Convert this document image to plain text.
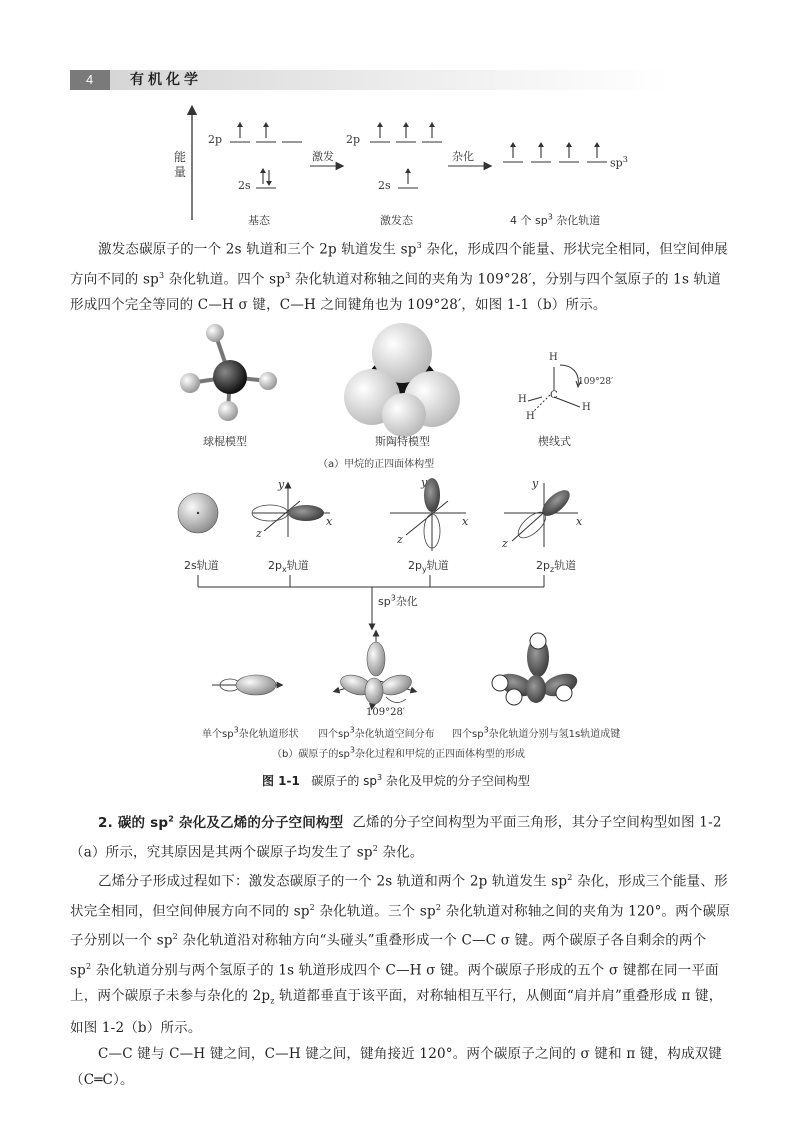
4	有机化学
能量
2p
2s
基态
激发
2p
2s
激发态
杂化
$sp^3$
4 个 $sp^3$ 杂化轨道

激发态碳原子的一个 2s 轨道和三个 2p 轨道发生 $sp^3$ 杂化，形成四个能量、形状完全相同，但空间伸展方向不同的 $sp^3$ 杂化轨道。四个 $sp^3$ 杂化轨道对称轴之间的夹角为 109°28′，分别与四个氢原子的 1s 轨道形成四个完全等同的 C—H σ 键，C—H 之间键角也为 109°28′，如图 1-1（b）所示。

球棍模型	斯陶特模型	楔线式
109°28′
H
C
H
H
H
（a）甲烷的正四面体构型
y
x
z
y
x
z
y
x
z
2s轨道	$2p_x$轨道	$2p_y$轨道	$2p_z$轨道
$sp^3$杂化
109°28′
单个$sp^3$杂化轨道形状 四个$sp^3$杂化轨道空间分布 四个$sp^3$杂化轨道分别与氢1s轨道成键
（b）碳原子的$sp^3$杂化过程和甲烷的正四面体构型的形成
图 1-1 碳原子的 $sp^3$ 杂化及甲烷的分子空间构型

2. 碳的 $sp^2$ 杂化及乙烯的分子空间构型 乙烯的分子空间构型为平面三角形，其分子空间构型如图 1-2（a）所示，究其原因是其两个碳原子均发生了 $sp^2$ 杂化。

乙烯分子形成过程如下：激发态碳原子的一个 2s 轨道和两个 2p 轨道发生 $sp^2$ 杂化，形成三个能量、形状完全相同，但空间伸展方向不同的 $sp^2$ 杂化轨道。三个 $sp^2$ 杂化轨道对称轴之间的夹角为 120°。两个碳原子分别以一个 $sp^2$ 杂化轨道沿对称轴方向“头碰头”重叠形成一个 C—C σ 键。两个碳原子各自剩余的两个 $sp^2$ 杂化轨道分别与两个氢原子的 1s 轨道形成四个 C—H σ 键。两个碳原子形成的五个 σ 键都在同一平面上，两个碳原子未参与杂化的 $2p_z$ 轨道都垂直于该平面，对称轴相互平行，从侧面“肩并肩”重叠形成 π 键，如图 1-2（b）所示。

C—C 键与 C—H 键之间，C—H 键之间，键角接近 120°。两个碳原子之间的 σ 键和 π 键，构成双键（C═C）。
